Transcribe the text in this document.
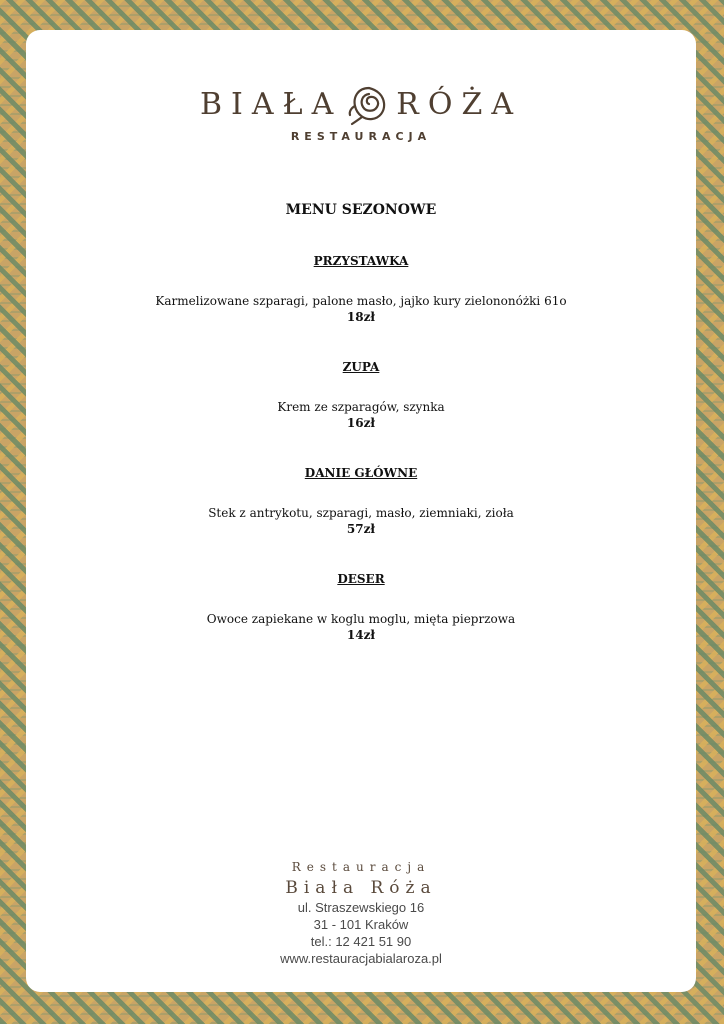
BIAŁA RÓŻA
RESTAURACJA
MENU SEZONOWE
PRZYSTAWKA
Karmelizowane szparagi, palone masło, jajko kury zielononóżki 61o
18zł
ZUPA
Krem ze szparagów, szynka
16zł
DANIE GŁÓWNE
Stek z antrykotu, szparagi, masło, ziemniaki, zioła
57zł
DESER
Owoce zapiekane w koglu moglu, mięta pieprzowa
14zł
Restauracja
Biała Róża
ul. Straszewskiego 16
31 - 101 Kraków
tel.: 12 421 51 90
www.restauracjabialaroza.pl
